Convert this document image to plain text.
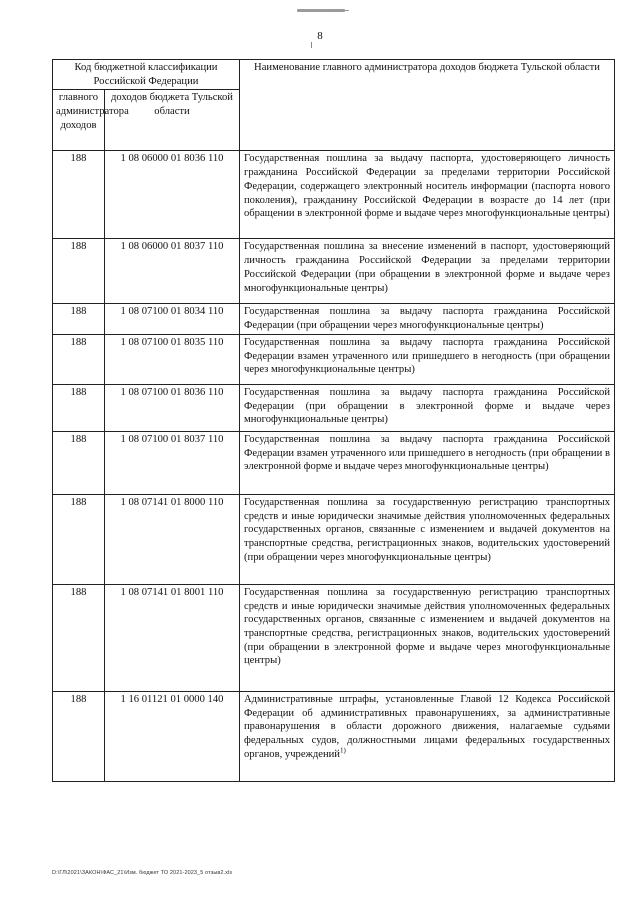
8
Код бюджетной классификации Российской Федерации		Наименование главного администратора доходов бюджета Тульской области
главного администратора доходов	доходов бюджета Тульской области	
188	1 08 06000 01 8036 110	Государственная пошлина за выдачу паспорта, удостоверяющего личность гражданина Российской Федерации за пределами территории Российской Федерации, содержащего электронный носитель информации (паспорта нового поколения), гражданину Российской Федерации в возрасте до 14 лет (при обращении в электронной форме и выдаче через многофункциональные центры)
188	1 08 06000 01 8037 110	Государственная пошлина за внесение изменений в паспорт, удостоверяющий личность гражданина Российской Федерации за пределами территории Российской Федерации (при обращении в электронной форме и выдаче через многофункциональные центры)
188	1 08 07100 01 8034 110	Государственная пошлина за выдачу паспорта гражданина Российской Федерации (при обращении через многофункциональные центры)
188	1 08 07100 01 8035 110	Государственная пошлина за выдачу паспорта гражданина Российской Федерации взамен утраченного или пришедшего в негодность (при обращении через многофункциональные центры)
188	1 08 07100 01 8036 110	Государственная пошлина за выдачу паспорта гражданина Российской Федерации (при обращении в электронной форме и выдаче через многофункциональные центры)
188	1 08 07100 01 8037 110	Государственная пошлина за выдачу паспорта гражданина Российской Федерации взамен утраченного или пришедшего в негодность (при обращении в электронной форме и выдаче через многофункциональные центры)
188	1 08 07141 01 8000 110	Государственная пошлина за государственную регистрацию транспортных средств и иные юридически значимые действия уполномоченных федеральных государственных органов, связанные с изменением и выдачей документов на транспортные средства, регистрационных знаков, водительских удостоверений (при обращении через многофункциональные центры)
188	1 08 07141 01 8001 110	Государственная пошлина за государственную регистрацию транспортных средств и иные юридически значимые действия уполномоченных федеральных государственных органов, связанные с изменением и выдачей документов на транспортные средства, регистрационных знаков, водительских удостоверений (при обращении в электронной форме и выдаче через многофункциональные центры)
188	1 16 01121 01 0000 140	Административные штрафы, установленные Главой 12 Кодекса Российской Федерации об административных правонарушениях, за административные правонарушения в области дорожного движения, налагаемые судьями федеральных судов, должностными лицами федеральных государственных органов, учреждений$^{1)}$
D:\ГЛ\2021\ЗАКОН\ФАС_21\Изм. бюджет ТО 2021-2023_5 отзыв2.xls
